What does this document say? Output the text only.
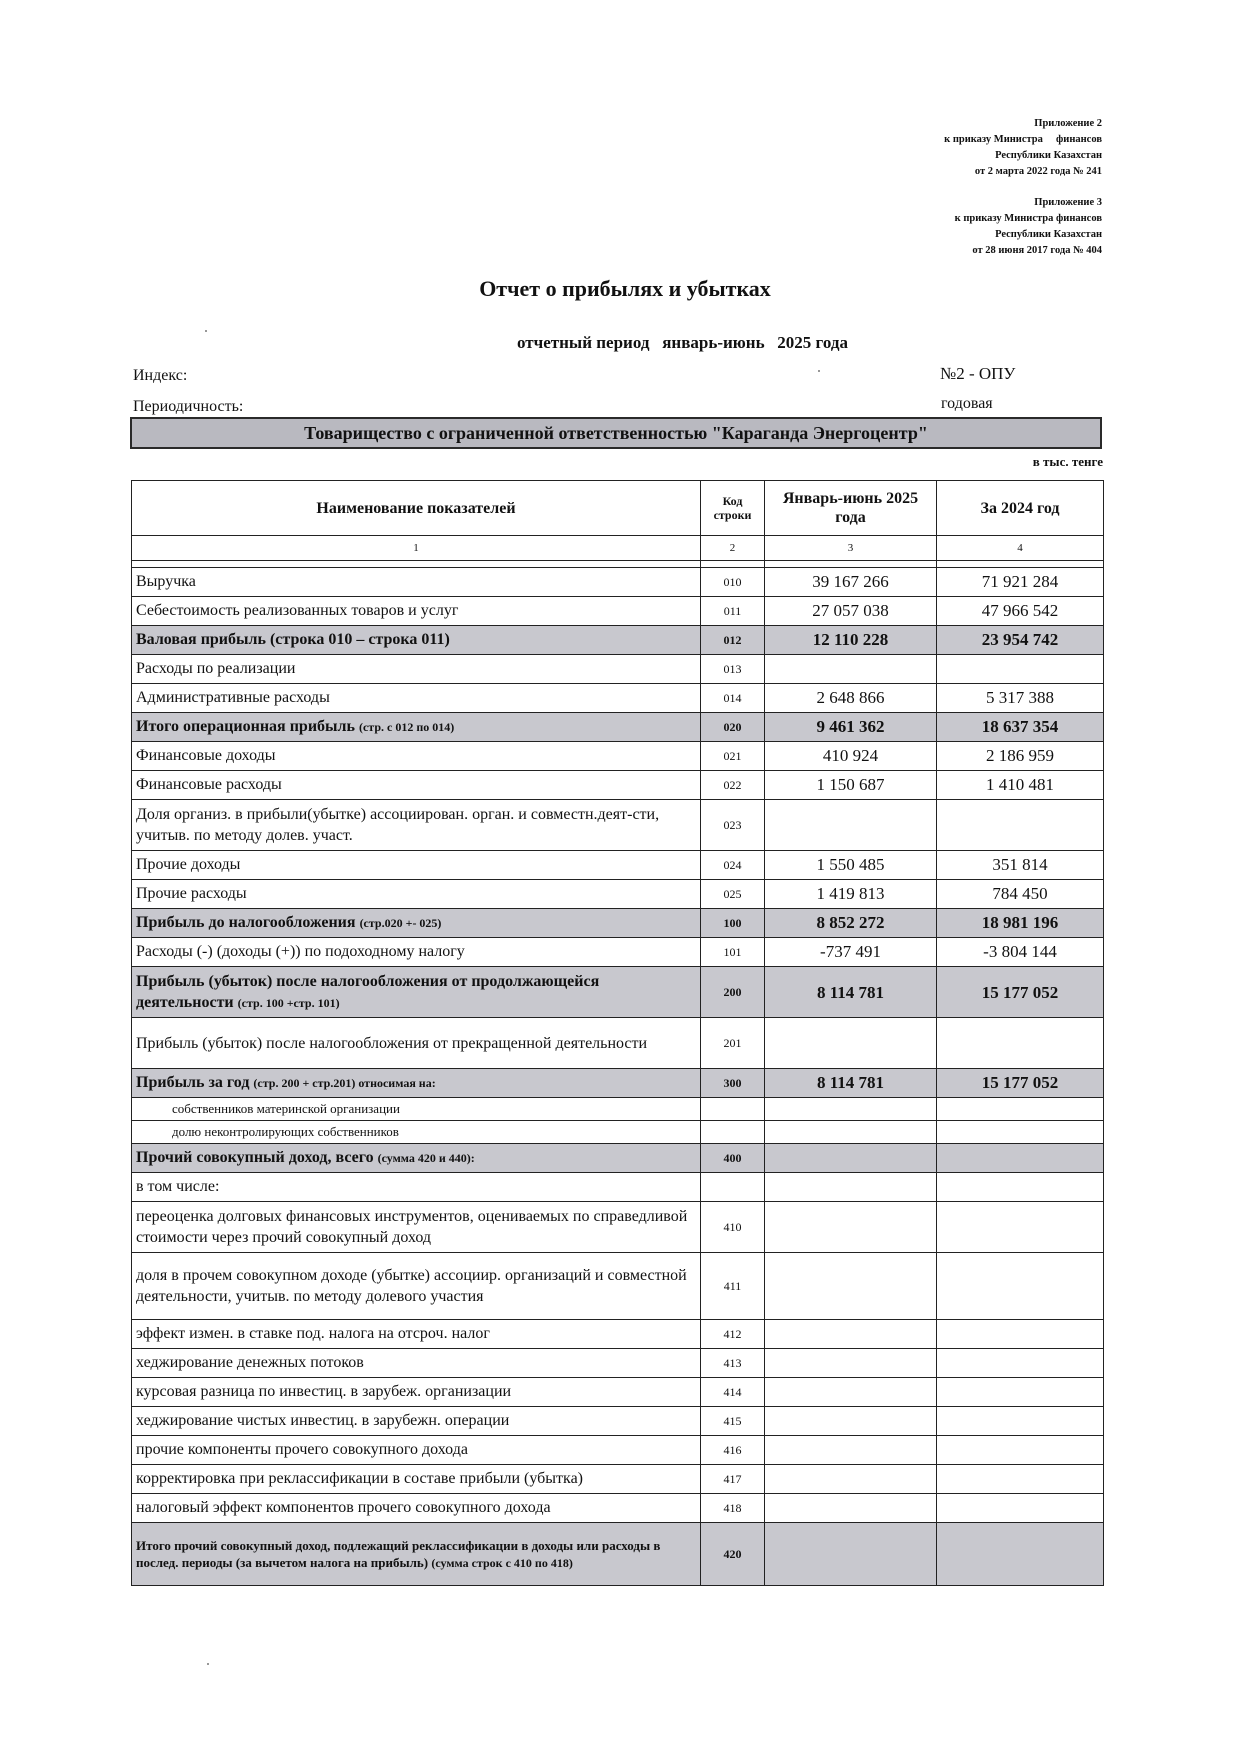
Приложение 2
к приказу Министра     финансов
Республики Казахстан
от 2 марта 2022 года № 241
Приложение 3
к приказу Министра финансов
Республики Казахстан
от 28 июня 2017 года № 404
Отчет о прибылях и убытках
отчетный период   январь-июнь   2025 года
Индекс:	№2 - ОПУ
Периодичность:	годовая
Товарищество с ограниченной ответственностью "Караганда Энергоцентр"
в тыс. тенге
Наименование показателей	Код строки	Январь-июнь 2025 года	За 2024 год
1	2	3	4

Выручка	010	39 167 266	71 921 284
Себестоимость реализованных товаров и услуг	011	27 057 038	47 966 542
Валовая прибыль (строка 010 – строка 011)	012	12 110 228	23 954 742
Расходы по реализации	013		
Административные расходы	014	2 648 866	5 317 388
Итого операционная прибыль (стр. с 012 по 014)	020	9 461 362	18 637 354
Финансовые доходы	021	410 924	2 186 959
Финансовые расходы	022	1 150 687	1 410 481
Доля организ. в прибыли(убытке) ассоциирован. орган. и совместн.деят-сти, учитыв. по методу долев. участ.	023		
Прочие доходы	024	1 550 485	351 814
Прочие расходы	025	1 419 813	784 450
Прибыль до налогообложения (стр.020 +- 025)	100	8 852 272	18 981 196
Расходы (-) (доходы (+)) по подоходному налогу	101	-737 491	-3 804 144
Прибыль (убыток) после налогообложения от продолжающейся деятельности (стр. 100 +стр. 101)	200	8 114 781	15 177 052
Прибыль (убыток) после налогообложения от прекращенной деятельности	201		
Прибыль за год (стр. 200 + стр.201) относимая на:	300	8 114 781	15 177 052
собственников материнской организации			
долю неконтролирующих собственников			
Прочий совокупный доход, всего (сумма 420 и 440):	400		
в том числе:			
переоценка долговых финансовых инструментов, оцениваемых по справедливой стоимости через прочий совокупный доход	410		
доля в прочем совокупном доходе (убытке) ассоциир. организаций и совместной деятельности, учитыв. по методу долевого участия	411		
эффект измен. в ставке под. налога на отсроч. налог	412		
хеджирование денежных потоков	413		
курсовая разница по инвестиц. в зарубеж. организации	414		
хеджирование чистых инвестиц. в зарубежн. операции	415		
прочие компоненты прочего совокупного дохода	416		
корректировка при реклассификации в составе прибыли (убытка)	417		
налоговый эффект компонентов прочего совокупного дохода	418		
Итого прочий совокупный доход, подлежащий реклассификации в доходы или расходы в послед. периоды (за вычетом налога на прибыль) (сумма строк с 410 по 418)	420		
